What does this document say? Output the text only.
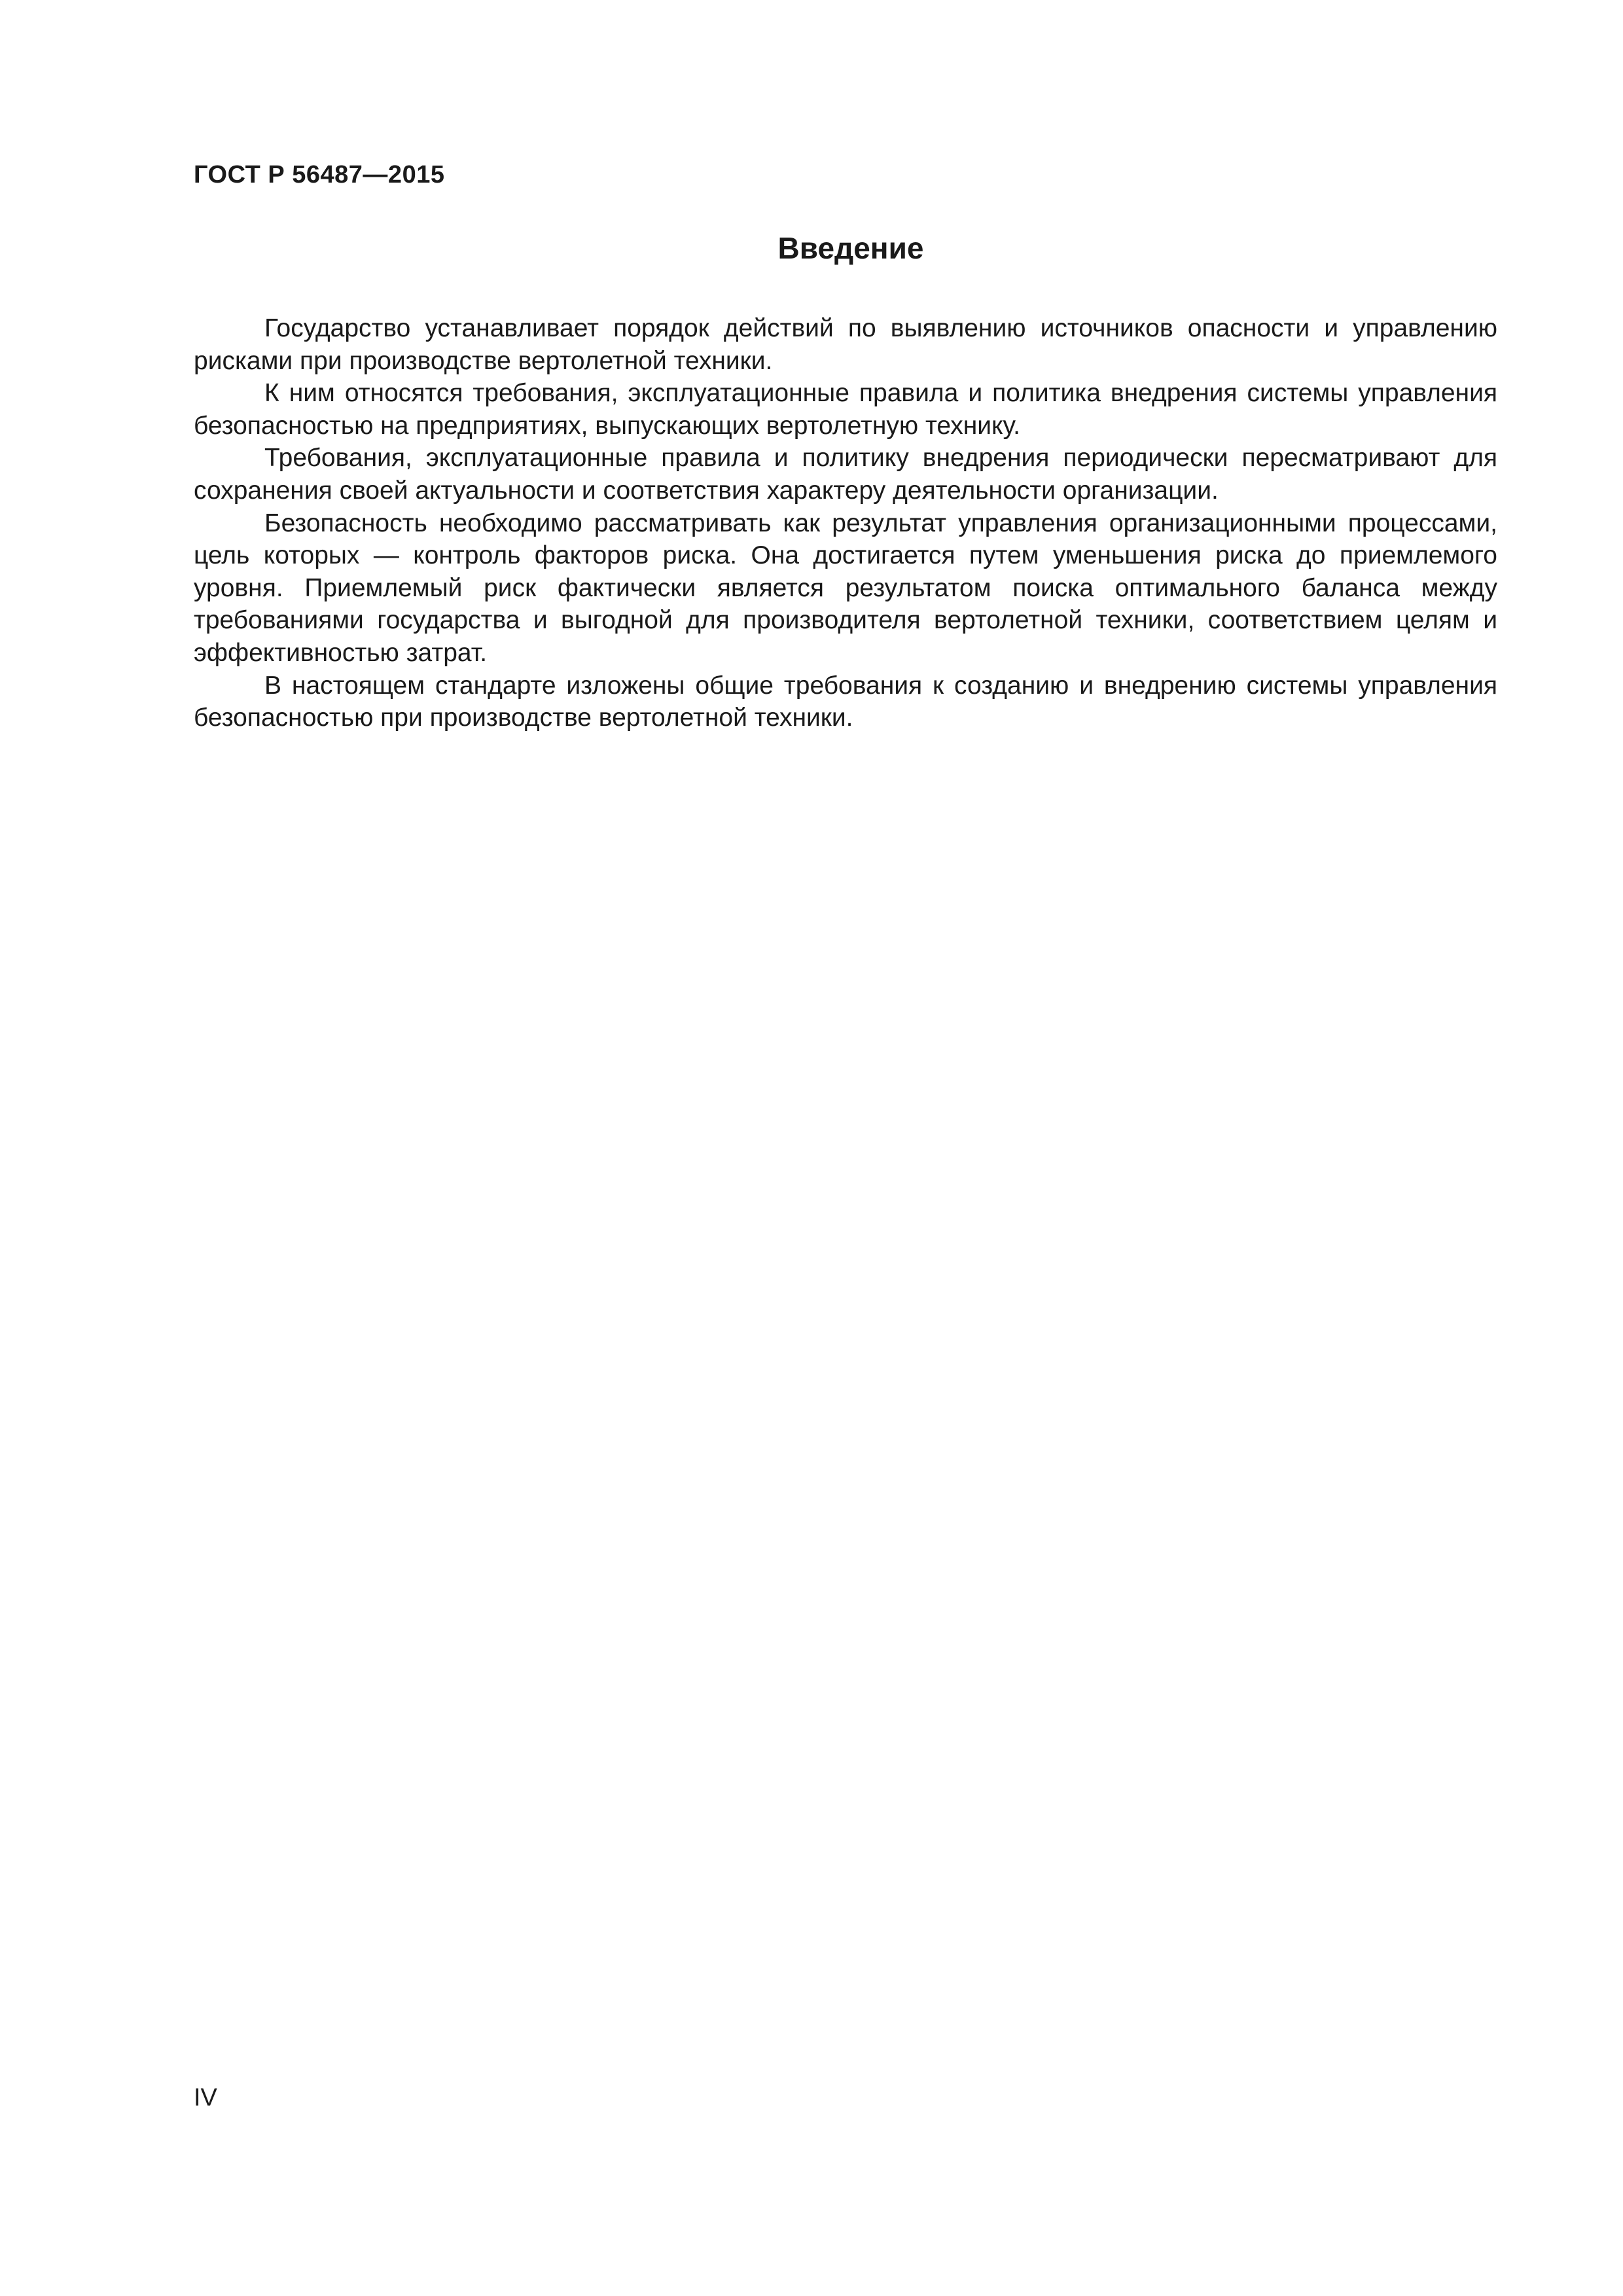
ГОСТ Р 56487—2015
Введение

Государство устанавливает порядок действий по выявлению источников опасности и управлению рисками при производстве вертолетной техники.

К ним относятся требования, эксплуатационные правила и политика внедрения системы управления безопасностью на предприятиях, выпускающих вертолетную технику.

Требования, эксплуатационные правила и политику внедрения периодически пересматривают для сохранения своей актуальности и соответствия характеру деятельности организации.

Безопасность необходимо рассматривать как результат управления организационными процессами, цель которых — контроль факторов риска. Она достигается путем уменьшения риска до приемлемого уровня. Приемлемый риск фактически является результатом поиска оптимального баланса между требованиями государства и выгодной для производителя вертолетной техники, соответствием целям и эффективностью затрат.

В настоящем стандарте изложены общие требования к созданию и внедрению системы управления безопасностью при производстве вертолетной техники.

IV
